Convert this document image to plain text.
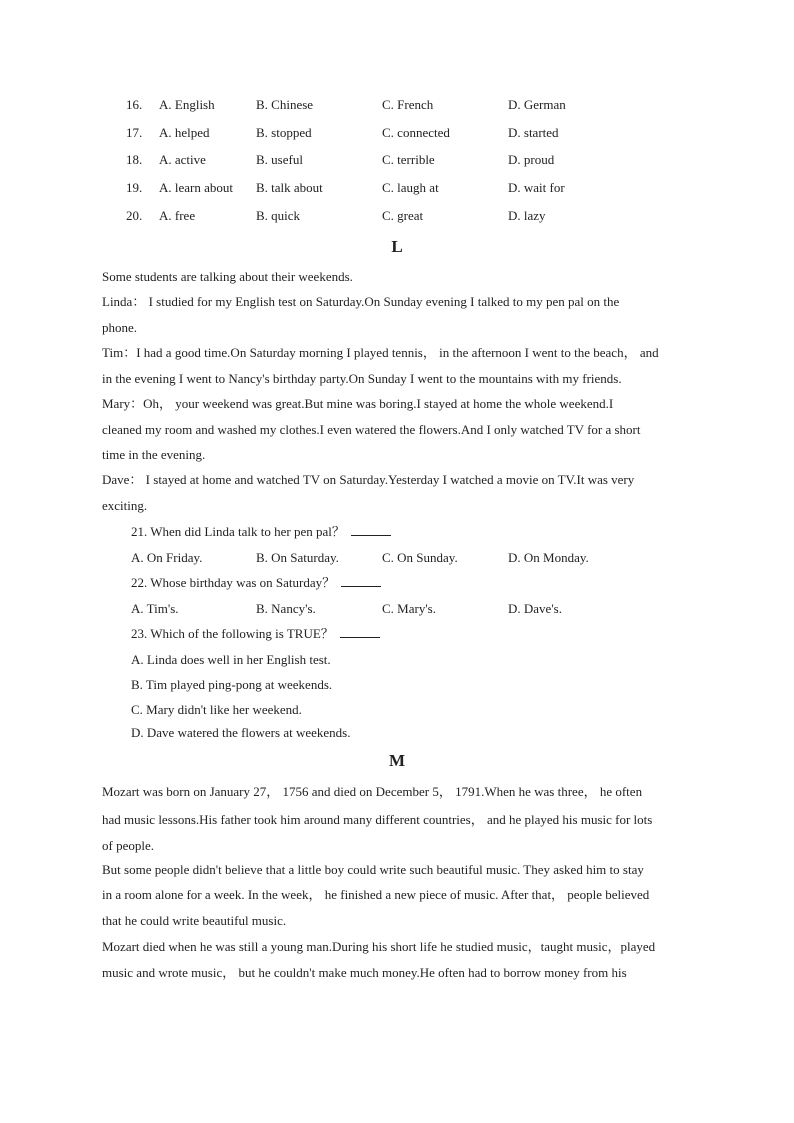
16. A. English	B. Chinese	C. French	D. German
17. A. helped	B. stopped	C. connected	D. started
18. A. active	B. useful	C. terrible	D. proud
19. A. learn about B. talk about	C. laugh at	D. wait for
20. A. free	B. quick	C. great	D. lazy
L
Some students are talking about their weekends.
Linda： I studied for my English test on Saturday.On Sunday evening I talked to my pen pal on the
phone.
Tim：I had a good time.On Saturday morning I played tennis， in the afternoon I went to the beach， and
in the evening I went to Nancy's birthday party.On Sunday I went to the mountains with my friends.
Mary：Oh， your weekend was great.But mine was boring.I stayed at home the whole weekend.I
cleaned my room and washed my clothes.I even watered the flowers.And I only watched TV for a short
time in the evening.
Dave： I stayed at home and watched TV on Saturday.Yesterday I watched a movie on TV.It was very
exciting.
21. When did Linda talk to her pen pal？
A. On Friday.	B. On Saturday.	C. On Sunday.	D. On Monday.
22. Whose birthday was on Saturday？
A. Tim's.	B. Nancy's.	C. Mary's.	D. Dave's.
23. Which of the following is TRUE？
A. Linda does well in her English test.
B. Tim played ping-pong at weekends.
C. Mary didn't like her weekend.
D. Dave watered the flowers at weekends.
M
Mozart was born on January 27， 1756 and died on December 5， 1791.When he was three， he often
had music lessons.His father took him around many different countries， and he played his music for lots
of people.
But some people didn't believe that a little boy could write such beautiful music. They asked him to stay
in a room alone for a week. In the week， he finished a new piece of music. After that， people believed
that he could write beautiful music.
Mozart died when he was still a young man.During his short life he studied music，taught music，played
music and wrote music， but he couldn't make much money.He often had to borrow money from his
